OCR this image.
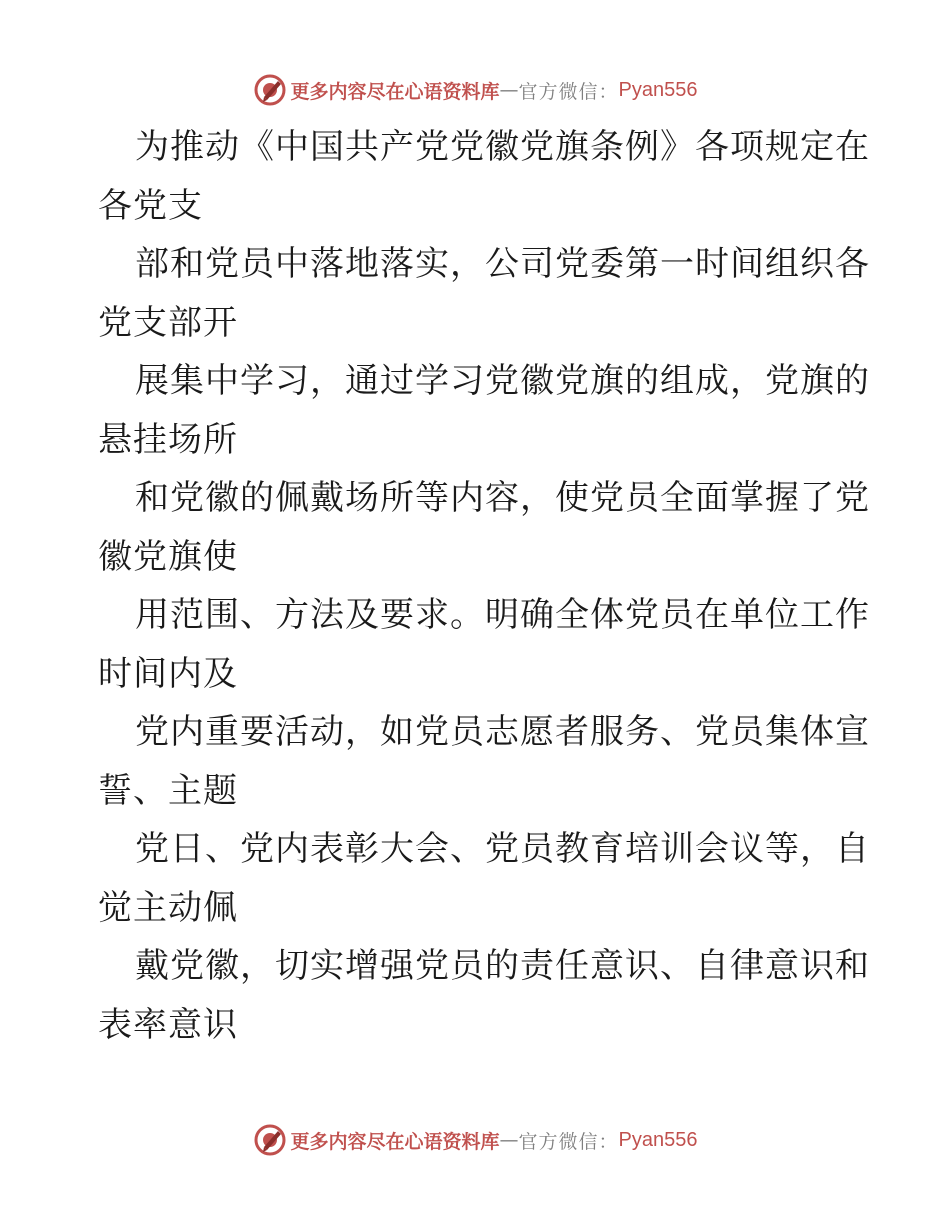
更多内容尽在心语资料库 — 官方微信： Pyan556
为推动《中国共产党党徽党旗条例》各项规定在
各党支
部和党员中落地落实，公司党委第一时间组织各
党支部开
展集中学习，通过学习党徽党旗的组成，党旗的
悬挂场所
和党徽的佩戴场所等内容，使党员全面掌握了党
徽党旗使
用范围、方法及要求。明确全体党员在单位工作
时间内及
党内重要活动，如党员志愿者服务、党员集体宣
誓、主题
党日、党内表彰大会、党员教育培训会议等，自
觉主动佩
戴党徽，切实增强党员的责任意识、自律意识和
表率意识
更多内容尽在心语资料库 — 官方微信： Pyan556
